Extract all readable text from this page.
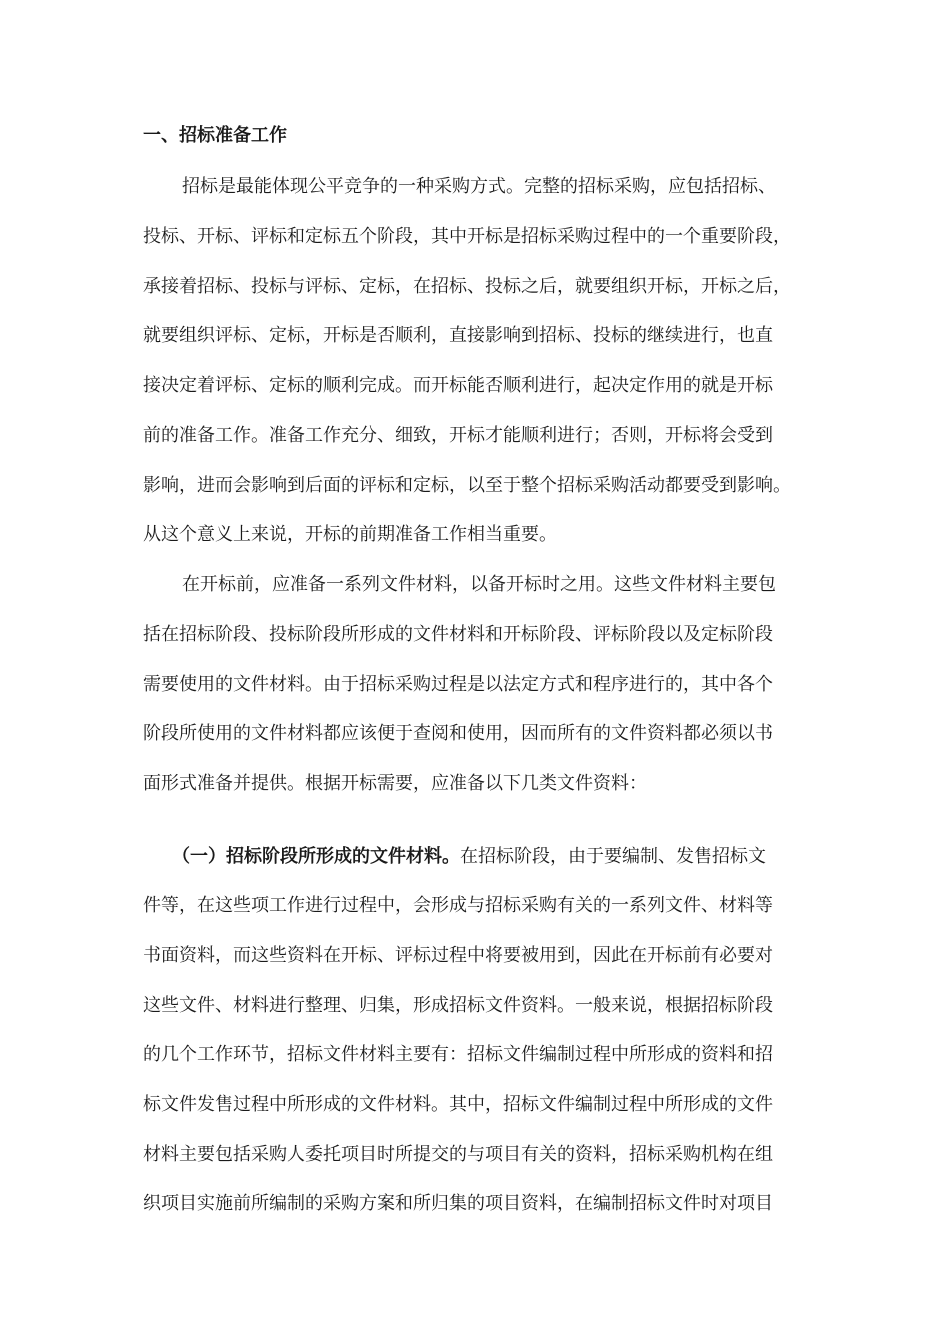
一、招标准备工作
招标是最能体现公平竞争的一种采购方式。完整的招标采购，应包括招标、
投标、开标、评标和定标五个阶段，其中开标是招标采购过程中的一个重要阶段，
承接着招标、投标与评标、定标，在招标、投标之后，就要组织开标，开标之后，
就要组织评标、定标，开标是否顺利，直接影响到招标、投标的继续进行，也直
接决定着评标、定标的顺利完成。而开标能否顺利进行，起决定作用的就是开标
前的准备工作。准备工作充分、细致，开标才能顺利进行；否则，开标将会受到
影响，进而会影响到后面的评标和定标，以至于整个招标采购活动都要受到影响。
从这个意义上来说，开标的前期准备工作相当重要。
在开标前，应准备一系列文件材料，以备开标时之用。这些文件材料主要包
括在招标阶段、投标阶段所形成的文件材料和开标阶段、评标阶段以及定标阶段
需要使用的文件材料。由于招标采购过程是以法定方式和程序进行的，其中各个
阶段所使用的文件材料都应该便于查阅和使用，因而所有的文件资料都必须以书
面形式准备并提供。根据开标需要，应准备以下几类文件资料：
（一）招标阶段所形成的文件材料。在招标阶段，由于要编制、发售招标文
件等，在这些项工作进行过程中，会形成与招标采购有关的一系列文件、材料等
书面资料，而这些资料在开标、评标过程中将要被用到，因此在开标前有必要对
这些文件、材料进行整理、归集，形成招标文件资料。一般来说，根据招标阶段
的几个工作环节，招标文件材料主要有：招标文件编制过程中所形成的资料和招
标文件发售过程中所形成的文件材料。其中，招标文件编制过程中所形成的文件
材料主要包括采购人委托项目时所提交的与项目有关的资料，招标采购机构在组
织项目实施前所编制的采购方案和所归集的项目资料，在编制招标文件时对项目
